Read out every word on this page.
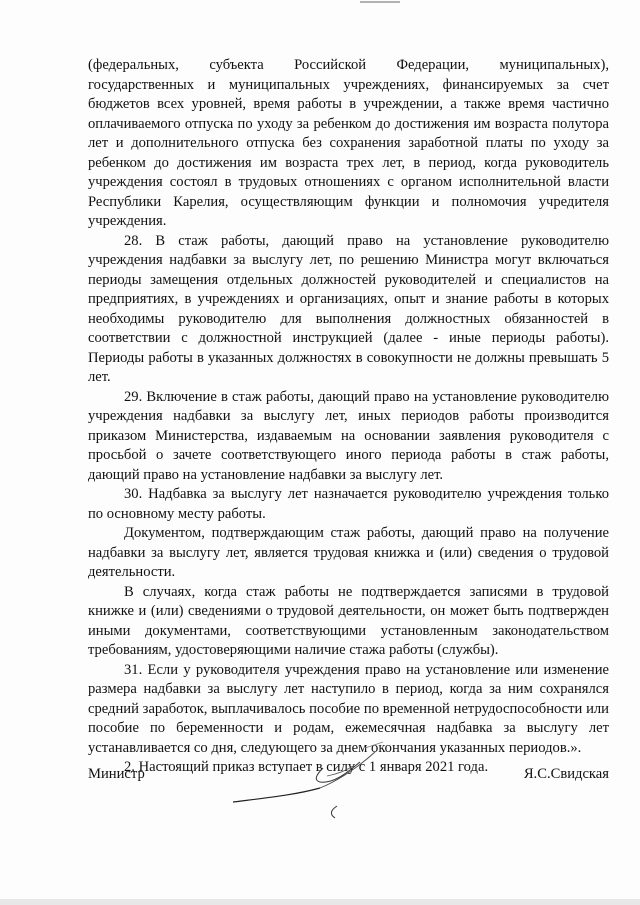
(федеральных, субъекта Российской Федерации, муниципальных), государственных и муниципальных учреждениях, финансируемых за счет бюджетов всех уровней, время работы в учреждении, а также время частично оплачиваемого отпуска по уходу за ребенком до достижения им возраста полутора лет и дополнительного отпуска без сохранения заработной платы по уходу за ребенком до достижения им возраста трех лет, в период, когда руководитель учреждения состоял в трудовых отношениях с органом исполнительной власти Республики Карелия, осуществляющим функции и полномочия учредителя учреждения.

28. В стаж работы, дающий право на установление руководителю учреждения надбавки за выслугу лет, по решению Министра могут включаться периоды замещения отдельных должностей руководителей и специалистов на предприятиях, в учреждениях и организациях, опыт и знание работы в которых необходимы руководителю для выполнения должностных обязанностей в соответствии с должностной инструкцией (далее - иные периоды работы). Периоды работы в указанных должностях в совокупности не должны превышать 5 лет.

29. Включение в стаж работы, дающий право на установление руководителю учреждения надбавки за выслугу лет, иных периодов работы производится приказом Министерства, издаваемым на основании заявления руководителя с просьбой о зачете соответствующего иного периода работы в стаж работы, дающий право на установление надбавки за выслугу лет.

30. Надбавка за выслугу лет назначается руководителю учреждения только по основному месту работы.

Документом, подтверждающим стаж работы, дающий право на получение надбавки за выслугу лет, является трудовая книжка и (или) сведения о трудовой деятельности.

В случаях, когда стаж работы не подтверждается записями в трудовой книжке и (или) сведениями о трудовой деятельности, он может быть подтвержден иными документами, соответствующими установленным законодательством требованиям, удостоверяющими наличие стажа работы (службы).

31. Если у руководителя учреждения право на установление или изменение размера надбавки за выслугу лет наступило в период, когда за ним сохранялся средний заработок, выплачивалось пособие по временной нетрудоспособности или пособие по беременности и родам, ежемесячная надбавка за выслугу лет устанавливается со дня, следующего за днем окончания указанных периодов.».

2. Настоящий приказ вступает в силу с 1 января 2021 года.

Министр	Я.С.Свидская
